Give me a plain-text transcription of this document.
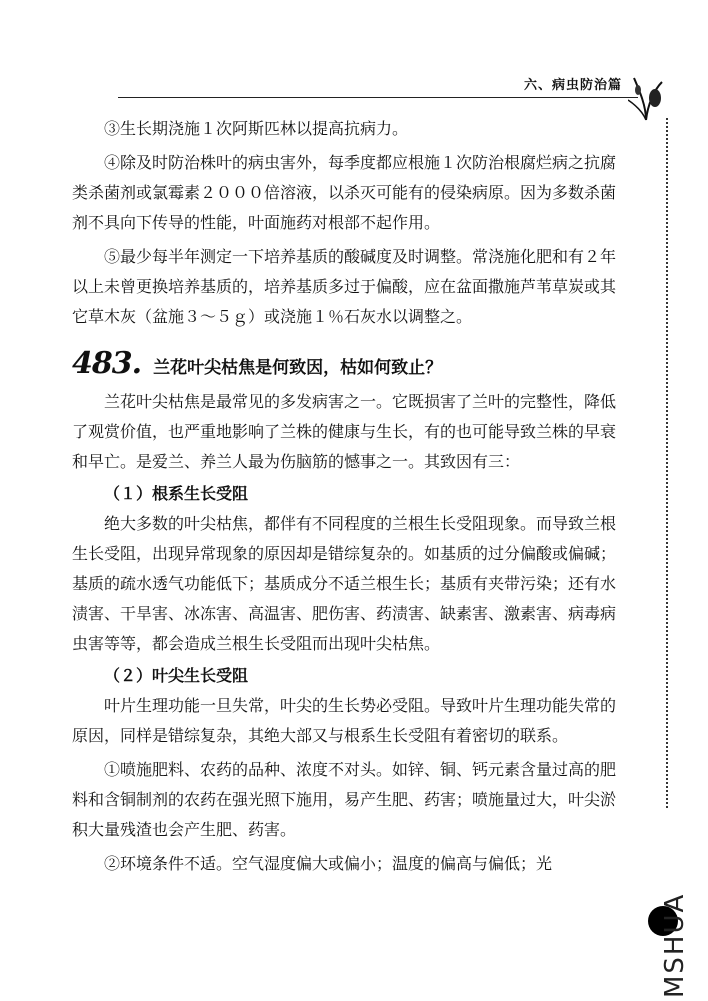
六、病虫防治篇
MSHUA

③生长期浇施１次阿斯匹林以提高抗病力。

④除及时防治株叶的病虫害外，每季度都应根施１次防治根腐烂病之抗腐类杀菌剂或氯霉素２０００倍溶液，以杀灭可能有的侵染病原。因为多数杀菌剂不具向下传导的性能，叶面施药对根部不起作用。

⑤最少每半年测定一下培养基质的酸碱度及时调整。常浇施化肥和有２年以上未曾更换培养基质的，培养基质多过于偏酸，应在盆面撒施芦苇草炭或其它草木灰（盆施３～５ｇ）或浇施１％石灰水以调整之。

483. 兰花叶尖枯焦是何致因，枯如何致止？

兰花叶尖枯焦是最常见的多发病害之一。它既损害了兰叶的完整性，降低了观赏价值，也严重地影响了兰株的健康与生长，有的也可能导致兰株的早衰和早亡。是爱兰、养兰人最为伤脑筋的憾事之一。其致因有三：

（１）根系生长受阻

绝大多数的叶尖枯焦，都伴有不同程度的兰根生长受阻现象。而导致兰根生长受阻，出现异常现象的原因却是错综复杂的。如基质的过分偏酸或偏碱；基质的疏水透气功能低下；基质成分不适兰根生长；基质有夹带污染；还有水渍害、干旱害、冰冻害、高温害、肥伤害、药渍害、缺素害、激素害、病毒病虫害等等，都会造成兰根生长受阻而出现叶尖枯焦。

（２）叶尖生长受阻

叶片生理功能一旦失常，叶尖的生长势必受阻。导致叶片生理功能失常的原因，同样是错综复杂，其绝大部又与根系生长受阻有着密切的联系。

①喷施肥料、农药的品种、浓度不对头。如锌、铜、钙元素含量过高的肥料和含铜制剂的农药在强光照下施用，易产生肥、药害；喷施量过大，叶尖淤积大量残渣也会产生肥、药害。

②环境条件不适。空气湿度偏大或偏小；温度的偏高与偏低；光
